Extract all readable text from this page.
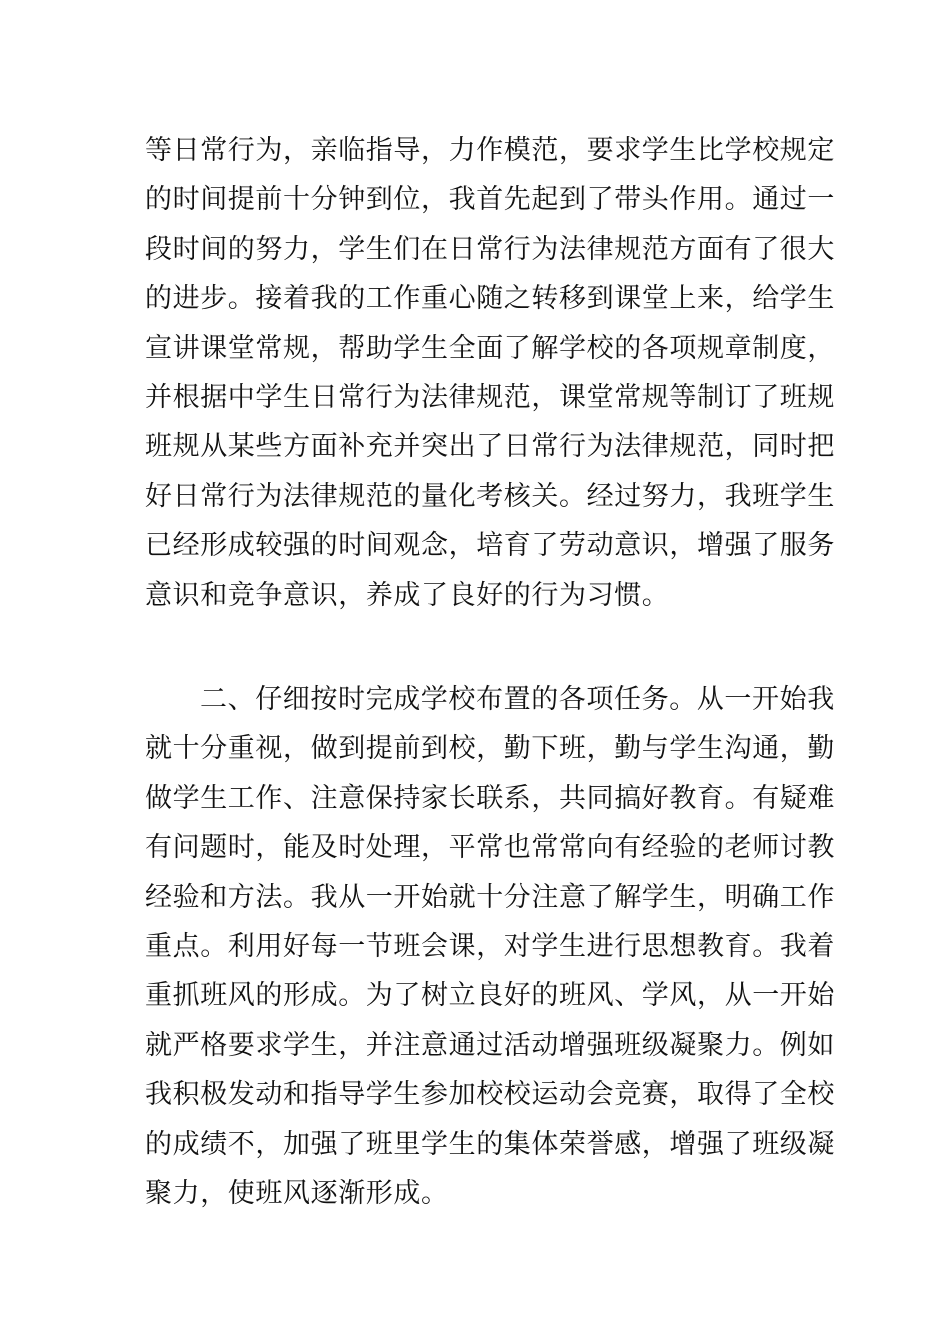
等日常行为，亲临指导，力作模范，要求学生比学校规定
的时间提前十分钟到位，我首先起到了带头作用。通过一
段时间的努力，学生们在日常行为法律规范方面有了很大
的进步。接着我的工作重心随之转移到课堂上来，给学生
宣讲课堂常规，帮助学生全面了解学校的各项规章制度，
并根据中学生日常行为法律规范，课堂常规等制订了班规
班规从某些方面补充并突出了日常行为法律规范，同时把
好日常行为法律规范的量化考核关。经过努力，我班学生
已经形成较强的时间观念，培育了劳动意识，增强了服务
意识和竞争意识，养成了良好的行为习惯。
二、仔细按时完成学校布置的各项任务。从一开始我
就十分重视，做到提前到校，勤下班，勤与学生沟通，勤
做学生工作、注意保持家长联系，共同搞好教育。有疑难
有问题时，能及时处理，平常也常常向有经验的老师讨教
经验和方法。我从一开始就十分注意了解学生，明确工作
重点。利用好每一节班会课，对学生进行思想教育。我着
重抓班风的形成。为了树立良好的班风、学风，从一开始
就严格要求学生，并注意通过活动增强班级凝聚力。例如
我积极发动和指导学生参加校校运动会竞赛，取得了全校
的成绩不，加强了班里学生的集体荣誉感，增强了班级凝
聚力，使班风逐渐形成。
